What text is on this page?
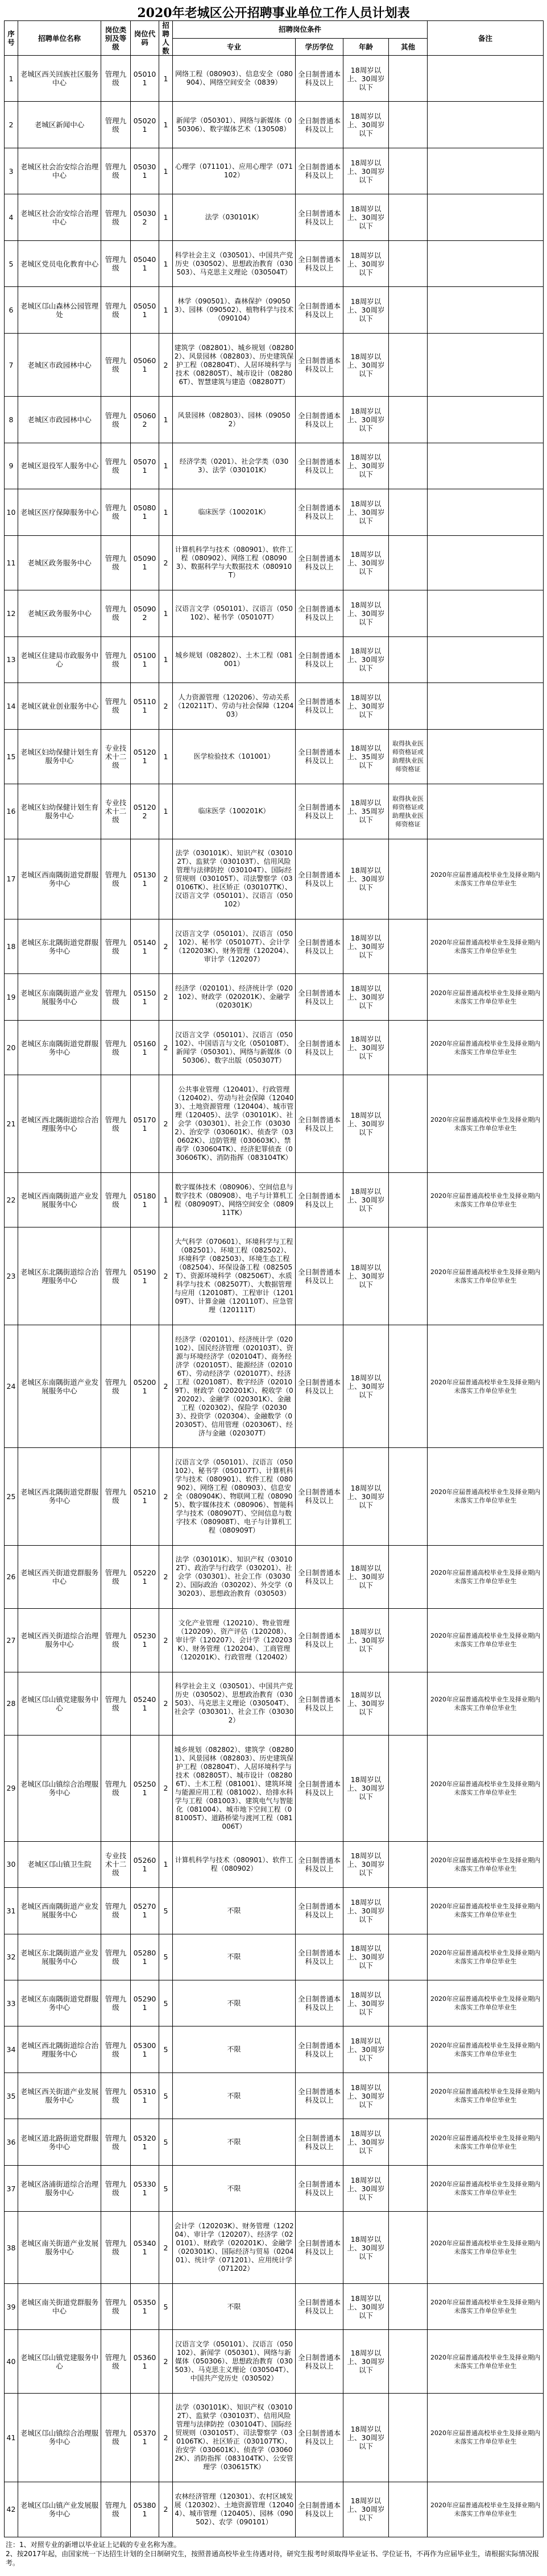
2020年老城区公开招聘事业单位工作人员计划表
序号	招聘单位名称	岗位类别及等级	岗位代码	招聘人数	招聘岗位条件				备注
					专业	学历学位	年龄	其他	
1	老城区西关回族社区服务中心	管理九级	050101	1	网络工程（080903）、信息安全（080904）、网络空间安全（0839）	全日制普通本科及以上	18周岁以上、30周岁以下		
2	老城区新闻中心	管理九级	050201	1	新闻学（050301）、网络与新媒体（050306）、数字媒体艺术（130508）	全日制普通本科及以上	18周岁以上、30周岁以下		
3	老城区社会治安综合治理中心	管理九级	050301	1	心理学（071101）、应用心理学（071102）	全日制普通本科及以上	18周岁以上、30周岁以下		
4	老城区社会治安综合治理中心	管理九级	050302	1	法学（030101K）	全日制普通本科及以上	18周岁以上、30周岁以下		
5	老城区党员电化教育中心	管理九级	050401	1	科学社会主义（030501）、中国共产党历史（030502）、思想政治教育（030503）、马克思主义理论（030504T）	全日制普通本科及以上	18周岁以上、30周岁以下		
6	老城区邙山森林公园管理处	管理九级	050501	1	林学（090501）、森林保护（090503）、园林（090502）、植物科学与技术（090104）	全日制普通本科及以上	18周岁以上、30周岁以下		
7	老城区市政园林中心	管理九级	050601	2	建筑学（082801）、城乡规划（082802）、风景园林（082803）、历史建筑保护工程（082804T）、人居环境科学与技术（082805T）、城市设计（082806T）、智慧建筑与建造（082807T）	全日制普通本科及以上	18周岁以上、30周岁以下		
8	老城区市政园林中心	管理九级	050602	1	风景园林（082803）、园林（090502）	全日制普通本科及以上	18周岁以上、30周岁以下		
9	老城区退役军人服务中心	管理九级	050701	1	经济学类（0201）、社会学类（0303）、法学（030101K）	全日制普通本科及以上	18周岁以上、30周岁以下		
10	老城区医疗保障服务中心	管理九级	050801	1	临床医学（100201K）	全日制普通本科及以上	18周岁以上、30周岁以下		
11	老城区政务服务中心	管理九级	050901	2	计算机科学与技术（080901）、软件工程（080902）、网络工程（080903）、数据科学与大数据技术（080910T）	全日制普通本科及以上	18周岁以上、30周岁以下		
12	老城区政务服务中心	管理九级	050902	1	汉语言文学（050101）、汉语言（050102）、秘书学（050107T）	全日制普通本科及以上	18周岁以上、30周岁以下		
13	老城区住建局市政服务中心	管理九级	051001	1	城乡规划（082802）、土木工程（081001）	全日制普通本科及以上	18周岁以上、30周岁以下		
14	老城区就业创业服务中心	管理九级	051101	2	人力资源管理（120206）、劳动关系（120211T）、劳动与社会保障（120403）	全日制普通本科及以上	18周岁以上、30周岁以下		
15	老城区妇幼保健计划生育服务中心	专业技术十二级	051201	1	医学检验技术（101001）	全日制普通本科及以上	18周岁以上、35周岁以下	取得执业医师资格证或助理执业医师资格证	
16	老城区妇幼保健计划生育服务中心	专业技术十二级	051202	1	临床医学（100201K）	全日制普通本科及以上	18周岁以上、35周岁以下	取得执业医师资格证或助理执业医师资格证	
17	老城区西南隅街道党群服务中心	管理九级	051301	2	法学（030101K）、知识产权（030102T）、监狱学（030103T）、信用风险管理与法律防控（030104T）、国际经贸规则（030105T）、司法警察学（030106TK）、社区矫正（030107TK）、汉语言文学（050101）、汉语言（050102）	全日制普通本科及以上	18周岁以上、30周岁以下		2020年应届普通高校毕业生及择业期内未落实工作单位毕业生
18	老城区东北隅街道党群服务中心	管理九级	051401	2	汉语言文学（050101）、汉语言（050102）、秘书学（050107T）、会计学（120203K）、财务管理（120204）、审计学（120207）	全日制普通本科及以上	18周岁以上、30周岁以下		2020年应届普通高校毕业生及择业期内未落实工作单位毕业生
19	老城区东南隅街道产业发展服务中心	管理九级	051501	2	经济学（020101）、经济统计学（020102）、财政学（020201K）、金融学（020301K）	全日制普通本科及以上	18周岁以上、30周岁以下		2020年应届普通高校毕业生及择业期内未落实工作单位毕业生
20	老城区东南隅街道党群服务中心	管理九级	051601	2	汉语言文学（050101）、汉语言（050102）、中国语言与文化（050108T）、新闻学（050301）、网络与新媒体（050306）、数字出版（050307T）	全日制普通本科及以上	18周岁以上、30周岁以下		2020年应届普通高校毕业生及择业期内未落实工作单位毕业生
21	老城区西北隅街道综合治理服务中心	管理九级	051701	2	公共事业管理（120401）、行政管理（120402）、劳动与社会保障（120403）、土地资源管理（120404）、城市管理（120405）、法学（030101K）、社会学（030301）、社会工作（030302）、治安学（030601K）、侦查学（030602K）、边防管理（030603K）、禁毒学（030604TK）、经济犯罪侦查（030606TK）、消防指挥（083104TK）	全日制普通本科及以上	18周岁以上、30周岁以下		2020年应届普通高校毕业生及择业期内未落实工作单位毕业生
22	老城区西南隅街道产业发展服务中心	管理九级	051801	1	数字媒体技术（080906）、空间信息与数字技术（080908）、电子与计算机工程（080909T）、网络空间安全（080911TK）	全日制普通本科及以上	18周岁以上、30周岁以下		2020年应届普通高校毕业生及择业期内未落实工作单位毕业生
23	老城区东北隅街道综合治理服务中心	管理九级	051901	2	大气科学（070601）、环境科学与工程（082501）、环境工程（082502）、环境科学（082503）、环境生态工程（082504）、环保设备工程（082505T）、资源环境科学（082506T）、水质科学与技术（082507T）、大数据管理与应用（120108T）、工程审计（120109T）、计算金融（120110T）、应急管理（120111T）	全日制普通本科及以上	18周岁以上、30周岁以下		2020年应届普通高校毕业生及择业期内未落实工作单位毕业生
24	老城区东南隅街道产业发展服务中心	管理九级	052001	2	经济学（020101）、经济统计学（020102）、国民经济管理（020103T）、资源与环境经济学（020104T）、商务经济学（020105T）、能源经济（020106T）、劳动经济学（020107T）、经济工程（020108T）、数字经济（020109T）、财政学（020201K）、税收学（020202）、金融学（020301K）、金融工程（020302）、保险学（020303）、投资学（020304）、金融数学（020305T）、信用管理（020306T）、经济与金融（020307T）	全日制普通本科及以上	18周岁以上、30周岁以下		2020年应届普通高校毕业生及择业期内未落实工作单位毕业生
25	老城区西北隅街道党群服务中心	管理九级	052101	2	汉语言文学（050101）、汉语言（050102）、秘书学（050107T）、计算机科学与技术（080901）、软件工程（080902）、网络工程（080903）、信息安全（080904K）、物联网工程（080905）、数字媒体技术（080906）、智能科学与技术（080907T）、空间信息与数字技术（080908T）、电子与计算机工程（080909T）	全日制普通本科及以上	18周岁以上、30周岁以下		2020年应届普通高校毕业生及择业期内未落实工作单位毕业生
26	老城区西关街道党群服务中心	管理九级	052201	2	法学（030101K）、知识产权（030102T）、政治学与行政学（030201）、社会学（030301）、社会工作（030302）、国际政治（030202）、外交学（030203）、思想政治教育（030503）	全日制普通本科及以上	18周岁以上、30周岁以下		2020年应届普通高校毕业生及择业期内未落实工作单位毕业生
27	老城区西关街道综合治理服务中心	管理九级	052301	2	文化产业管理（120210）、物业管理（120209）、资产评估（120208）、审计学（120207）、会计学（120203K）、财务管理（120204）、工商管理（120201K）、行政管理（120402）	全日制普通本科及以上	18周岁以上、30周岁以下		2020年应届普通高校毕业生及择业期内未落实工作单位毕业生
28	老城区邙山镇党建服务中心	管理九级	052401	2	科学社会主义（030501）、中国共产党历史（030502）、思想政治教育（030503）、马克思主义理论（030504T）、社会学（030301）、社会工作（030302）	全日制普通本科及以上	18周岁以上、30周岁以下		2020年应届普通高校毕业生及择业期内未落实工作单位毕业生
29	老城区邙山镇综合治理服务中心	管理九级	052501	2	城乡规划（082802）、建筑学（082801）、风景园林（082803）、历史建筑保护工程（082804T）、人居环境科学与技术（082805T）、城市设计（082806T）、土木工程（081001）、建筑环境与能源应用工程（081002）、给排水科学与工程（081003）、建筑电气与智能化（081004）、城市地下空间工程（081005T）、道路桥梁与渡河工程（081006T）	全日制普通本科及以上	18周岁以上、30周岁以下		2020年应届普通高校毕业生及择业期内未落实工作单位毕业生
30	老城区邙山镇卫生院	专业技术十二级	052601	1	计算机科学与技术（080901）、软件工程（080902）	全日制普通本科及以上	18周岁以上、30周岁以下		2020年应届普通高校毕业生及择业期内未落实工作单位毕业生
31	老城区西南隅街道产业发展服务中心	管理九级	052701	5	不限	全日制普通本科及以上	18周岁以上、30周岁以下		2020年应届普通高校毕业生及择业期内未落实工作单位毕业生
32	老城区东北隅街道产业发展服务中心	管理九级	052801	5	不限	全日制普通本科及以上	18周岁以上、30周岁以下		2020年应届普通高校毕业生及择业期内未落实工作单位毕业生
33	老城区东南隅街道党群服务中心	管理九级	052901	5	不限	全日制普通本科及以上	18周岁以上、30周岁以下		2020年应届普通高校毕业生及择业期内未落实工作单位毕业生
34	老城区西北隅街道综合治理服务中心	管理九级	053001	5	不限	全日制普通本科及以上	18周岁以上、30周岁以下		2020年应届普通高校毕业生及择业期内未落实工作单位毕业生
35	老城区西关街道产业发展服务中心	管理九级	053101	5	不限	全日制普通本科及以上	18周岁以上、30周岁以下		2020年应届普通高校毕业生及择业期内未落实工作单位毕业生
36	老城区道北路街道党群服务中心	管理九级	053201	5	不限	全日制普通本科及以上	18周岁以上、30周岁以下		2020年应届普通高校毕业生及择业期内未落实工作单位毕业生
37	老城区洛浦街道综合治理服务中心	管理九级	053301	5	不限	全日制普通本科及以上	18周岁以上、30周岁以下		2020年应届普通高校毕业生及择业期内未落实工作单位毕业生
38	老城区南关街道产业发展服务中心	管理九级	053401	2	会计学（120203K）、财务管理（120204）、审计学（120207）、经济学（020101）、财政学（020201K）、金融学（020301K）、国际经济与贸易（020401）、统计学（071201）、应用统计学（071202）	全日制普通本科及以上	18周岁以上、30周岁以下		2020年应届普通高校毕业生及择业期内未落实工作单位毕业生
39	老城区南关街道党群服务中心	管理九级	053501	5	不限	全日制普通本科及以上	18周岁以上、30周岁以下		2020年应届普通高校毕业生及择业期内未落实工作单位毕业生
40	老城区邙山镇党建服务中心	管理九级	053601	2	汉语言文学（050101）、汉语言（050102）、新闻学（050301）、网络与新媒体（050306）、思想政治教育（030503）、马克思主义理论（030504T）、中国共产党历史（030502）	全日制普通本科及以上	18周岁以上、30周岁以下		2020年应届普通高校毕业生及择业期内未落实工作单位毕业生
41	老城区邙山镇综合治理服务中心	管理九级	053701	2	法学（030101K）、知识产权（030102T）、监狱学（030103T）、信用风险管理与法律防控（030104T）、国际经贸规则（030105T）、司法警察学（030106TK）、社区矫正（030107TK）、治安学（030601K）、侦查学（030602K）、消防指挥（083104TK）、公安管理学（030615TK）	全日制普通本科及以上	18周岁以上、30周岁以下		2020年应届普通高校毕业生及择业期内未落实工作单位毕业生
42	老城区邙山镇产业发展服务中心	管理九级	053801	2	农林经济管理（120301）、农村区域发展（120302）、土地资源管理（120404）、城市管理（120405）、园林（090502）、农学（090101）	全日制普通本科及以上	18周岁以上、30周岁以下		2020年应届普通高校毕业生及择业期内未落实工作单位毕业生

注：1、对照专业的新增以毕业证上记载的专业名称为准。

2、按2017年起，由国家统一下达招生计划的全日制研究生，按照普通高校毕业生待遇对待，研究生报考时须取得毕业证书、学位证书，不再作为应届毕业生，请根据实际情况报考。
